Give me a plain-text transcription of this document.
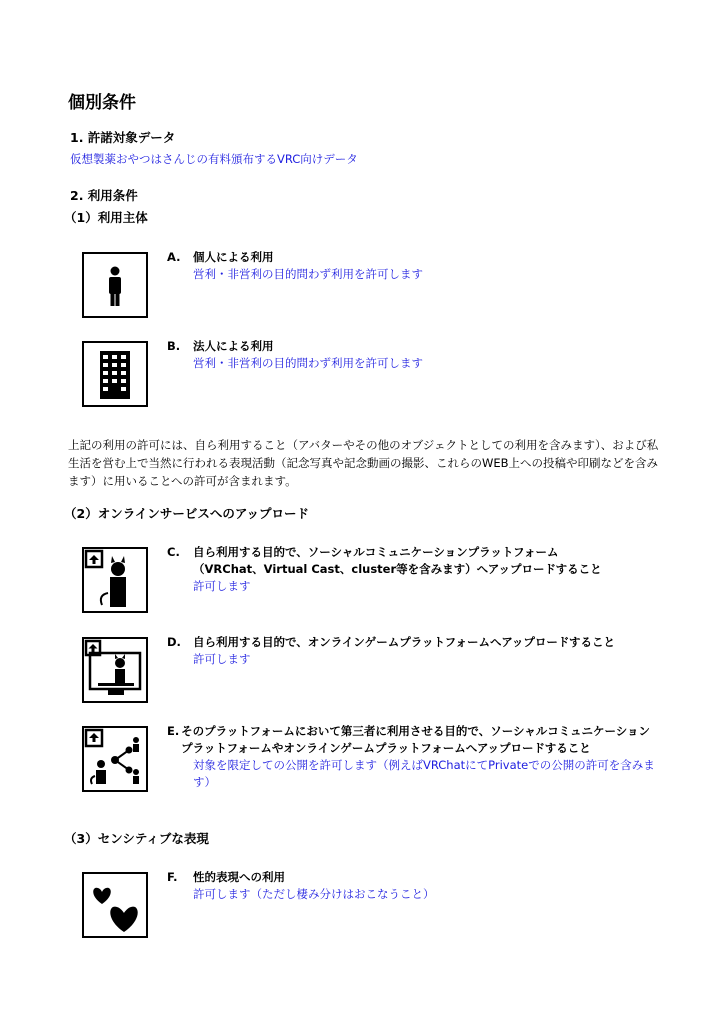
個別条件
1. 許諾対象データ
仮想製薬おやつはさんじの有料頒布するVRC向けデータ
2. 利用条件
（1）利用主体
A.	個人による利用
営利・非営利の目的問わず利用を許可します
B.	法人による利用
営利・非営利の目的問わず利用を許可します
上記の利用の許可には、自ら利用すること（アバターやその他のオブジェクトとしての利用を含みます）、および私生活を営む上で当然に行われる表現活動（記念写真や記念動画の撮影、これらのWEB上への投稿や印刷などを含みます）に用いることへの許可が含まれます。
（2）オンラインサービスへのアップロード
C.	自ら利用する目的で、ソーシャルコミュニケーションプラットフォーム
（VRChat、Virtual Cast、cluster等を含みます）へアップロードすること
許可します
D.	自ら利用する目的で、オンラインゲームプラットフォームへアップロードすること
許可します
E. そのプラットフォームにおいて第三者に利用させる目的で、ソーシャルコミュニケーションプラットフォームやオンラインゲームプラットフォームへアップロードすること
対象を限定しての公開を許可します（例えばVRChatにてPrivateでの公開の許可を含みます）
（3）センシティブな表現
F.	性的表現への利用
許可します（ただし棲み分けはおこなうこと）
